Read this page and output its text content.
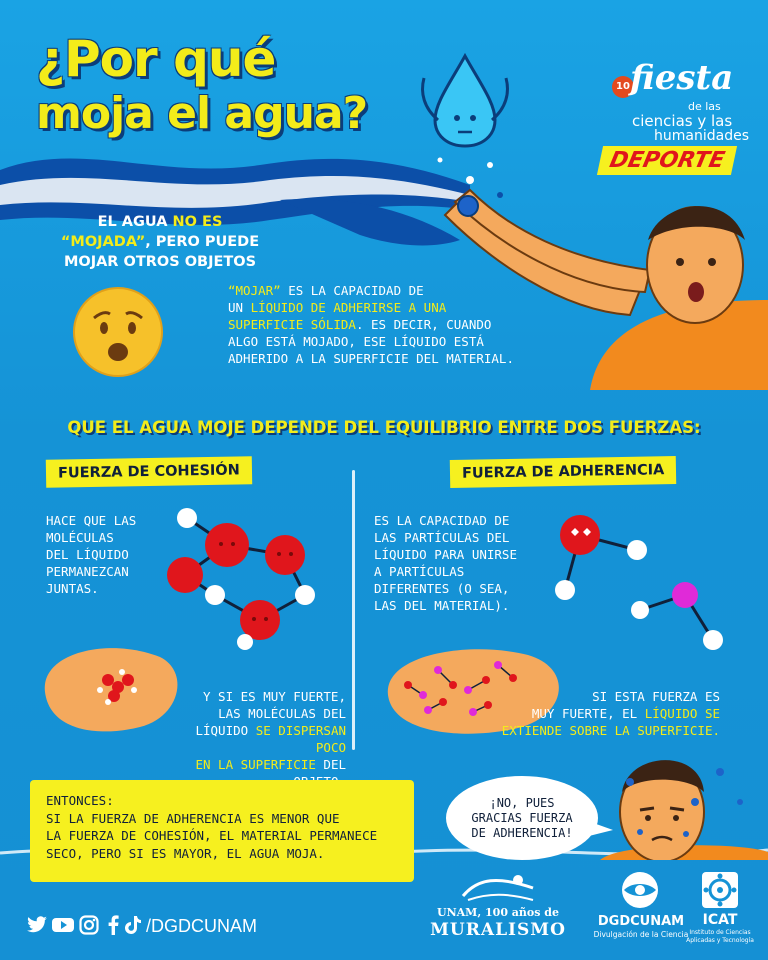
¿Por qué
moja el agua?
10 fiesta
de las
ciencias y las
humanidades
DEPORTE
EL AGUA NO ES
“MOJADA”, PERO PUEDE
MOJAR OTROS OBJETOS
“MOJAR” ES LA CAPACIDAD DE
UN LÍQUIDO DE ADHERIRSE A UNA
SUPERFICIE SÓLIDA. ES DECIR, CUANDO
ALGO ESTÁ MOJADO, ESE LÍQUIDO ESTÁ
ADHERIDO A LA SUPERFICIE DEL MATERIAL.
QUE EL AGUA MOJE DEPENDE DEL EQUILIBRIO ENTRE DOS FUERZAS:
FUERZA DE COHESIÓN	FUERZA DE ADHERENCIA
HACE QUE LAS
MOLÉCULAS
DEL LÍQUIDO
PERMANEZCAN
JUNTAS.
Y SI ES MUY FUERTE,
LAS MOLÉCULAS DEL
LÍQUIDO SE DISPERSAN POCO
EN LA SUPERFICIE DEL
ES LA CAPACIDAD DE
LAS PARTÍCULAS DEL
LÍQUIDO PARA UNIRSE
A PARTÍCULAS
DIFERENTES (O SEA,
LAS DEL MATERIAL).
SI ESTA FUERZA ES
MUY FUERTE, EL LÍQUIDO SE
EXTIENDE SOBRE LA SUPERFICIE.
ENTONCES:
SI LA FUERZA DE ADHERENCIA ES MENOR QUE
LA FUERZA DE COHESIÓN, EL MATERIAL PERMANECE
SECO, PERO SI ES MAYOR, EL AGUA MOJA.
¡NO, PUES
GRACIAS FUERZA
DE ADHERENCIA!
/DGDCUNAM
UNAM, 100 años de
MURALISMO	DGDCUNAM
Divulgación de la Ciencia
ICAT
Instituto de Ciencias
Aplicadas y Tecnología
